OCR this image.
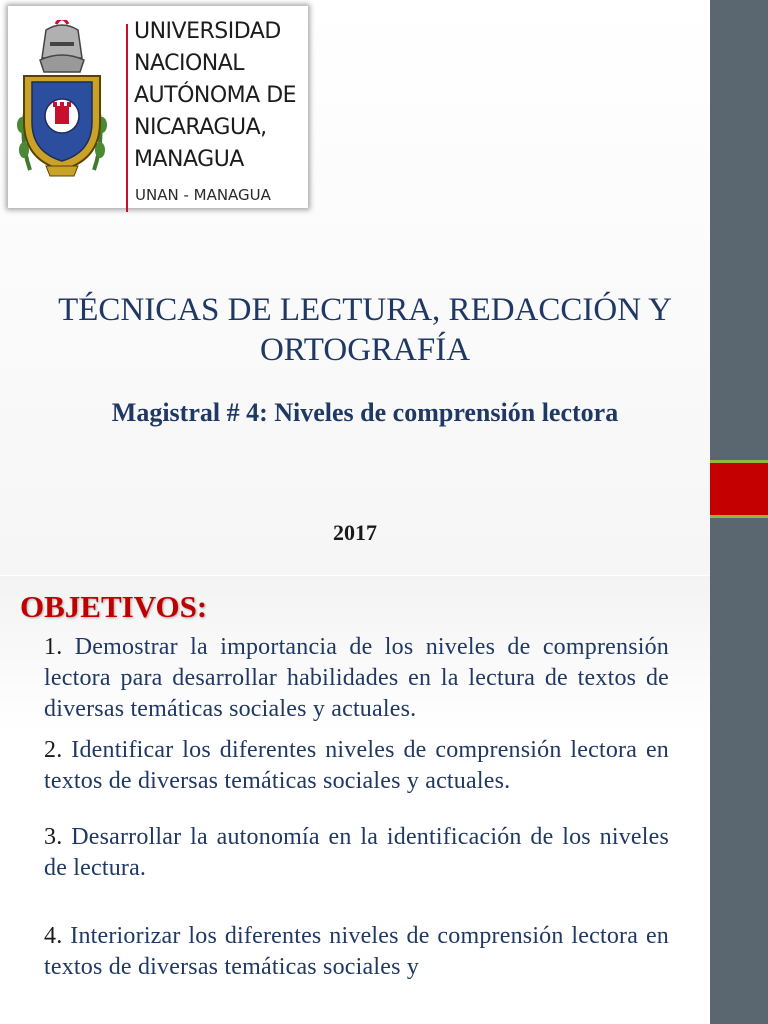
UNIVERSIDAD
NACIONAL
AUTÓNOMA DE
NICARAGUA,
MANAGUA

UNAN - MANAGUA
TÉCNICAS DE LECTURA, REDACCIÓN Y ORTOGRAFÍA
Magistral # 4: Niveles de comprensión lectora
2017
OBJETIVOS:

1. Demostrar la importancia de los niveles de comprensión lectora para desarrollar habilidades en la lectura de textos de diversas temáticas sociales y actuales.

2. Identificar los diferentes niveles de comprensión lectora en textos de diversas temáticas sociales y actuales.

3. Desarrollar la autonomía en la identificación de los niveles de lectura.

4. Interiorizar los diferentes niveles de comprensión lectora en textos de diversas temáticas sociales y
